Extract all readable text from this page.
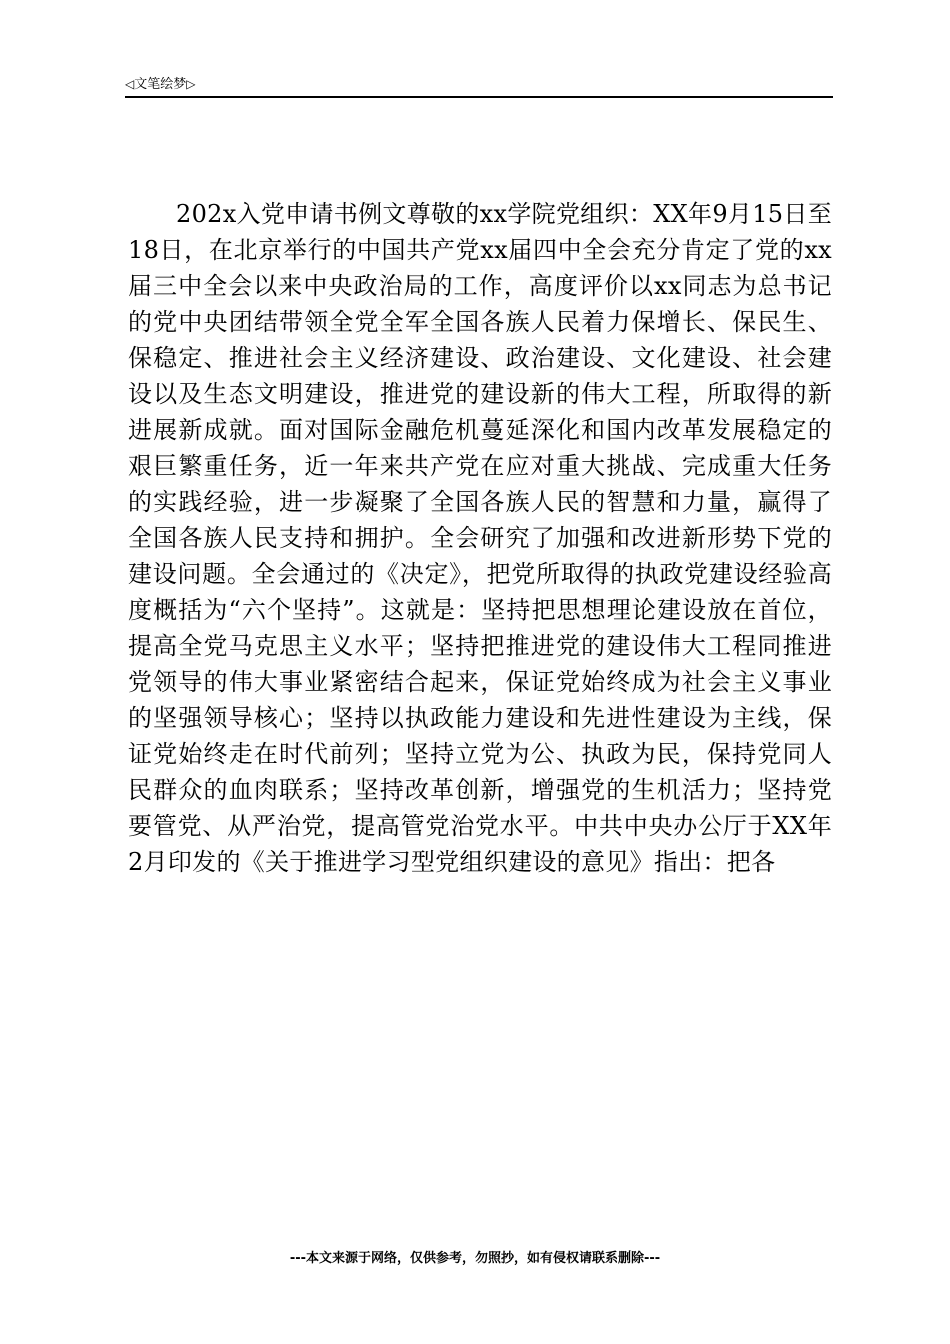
◁文笔绘梦▷

202x入党申请书例文尊敬的xx学院党组织：XX年9月15日至18日，在北京举行的中国共产党xx届四中全会充分肯定了党的xx届三中全会以来中央政治局的工作，高度评价以xx同志为总书记的党中央团结带领全党全军全国各族人民着力保增长、保民生、保稳定、推进社会主义经济建设、政治建设、文化建设、社会建设以及生态文明建设，推进党的建设新的伟大工程，所取得的新进展新成就。面对国际金融危机蔓延深化和国内改革发展稳定的艰巨繁重任务，近一年来共产党在应对重大挑战、完成重大任务的实践经验，进一步凝聚了全国各族人民的智慧和力量，赢得了全国各族人民支持和拥护。全会研究了加强和改进新形势下党的建设问题。全会通过的《决定》，把党所取得的执政党建设经验高度概括为“六个坚持”。这就是：坚持把思想理论建设放在首位，提高全党马克思主义水平；坚持把推进党的建设伟大工程同推进党领导的伟大事业紧密结合起来，保证党始终成为社会主义事业的坚强领导核心；坚持以执政能力建设和先进性建设为主线，保证党始终走在时代前列；坚持立党为公、执政为民，保持党同人民群众的血肉联系；坚持改革创新，增强党的生机活力；坚持党要管党、从严治党，提高管党治党水平。中共中央办公厅于XX年2月印发的《关于推进学习型党组织建设的意见》指出：把各

---本文来源于网络，仅供参考，勿照抄，如有侵权请联系删除---
